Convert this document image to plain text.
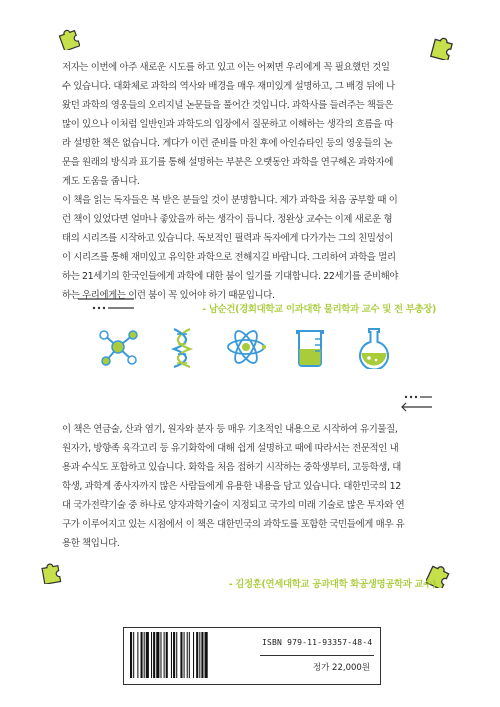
저자는 이번에 아주 새로운 시도를 하고 있고 이는 어쩌면 우리에게 꼭 필요했던 것일

수 있습니다. 대화체로 과학의 역사와 배경을 매우 재미있게 설명하고, 그 배경 뒤에 나

왔던 과학의 영웅들의 오리지널 논문들을 풀어간 것입니다. 과학사를 들려주는 책들은

많이 있으나 이처럼 일반인과 과학도의 입장에서 질문하고 이해하는 생각의 흐름을 따

라 설명한 책은 없습니다. 게다가 이런 준비를 마친 후에 아인슈타인 등의 영웅들의 논

문을 원래의 방식과 표기를 통해 설명하는 부분은 오랫동안 과학을 연구해온 과학자에

게도 도움을 줍니다.

이 책을 읽는 독자들은 복 받은 분들일 것이 분명합니다. 제가 과학을 처음 공부할 때 이

런 책이 있었다면 얼마나 좋았을까 하는 생각이 듭니다. 정완상 교수는 이제 새로운 형

태의 시리즈를 시작하고 있습니다. 독보적인 필력과 독자에게 다가가는 그의 친밀성이

이 시리즈를 통해 재미있고 유익한 과학으로 전해지길 바랍니다. 그리하여 과학을 멀리

하는 21세기의 한국인들에게 과학에 대한 붐이 일기를 기대합니다. 22세기를 준비해야

하는 우리에게는 이런 붐이 꼭 있어야 하기 때문입니다.

- 남순건(경희대학교 이과대학 물리학과 교수 및 전 부총장)

이 책은 연금술, 산과 염기, 원자와 분자 등 매우 기초적인 내용으로 시작하여 유기물질,

원자가, 방향족 육각고리 등 유기화학에 대해 쉽게 설명하고 때에 따라서는 전문적인 내

용과 수식도 포함하고 있습니다. 화학을 처음 접하기 시작하는 중학생부터, 고등학생, 대

학생, 과학계 종사자까지 많은 사람들에게 유용한 내용을 담고 있습니다. 대한민국의 12

대 국가전략기술 중 하나로 양자과학기술이 지정되고 국가의 미래 기술로 많은 투자와 연

구가 이루어지고 있는 시점에서 이 책은 대한민국의 과학도를 포함한 국민들에게 매우 유

용한 책입니다.

- 김정훈(연세대학교 공과대학 화공생명공학과 교수)
ISBN 979-11-93357-48-4
정가 22,000원
